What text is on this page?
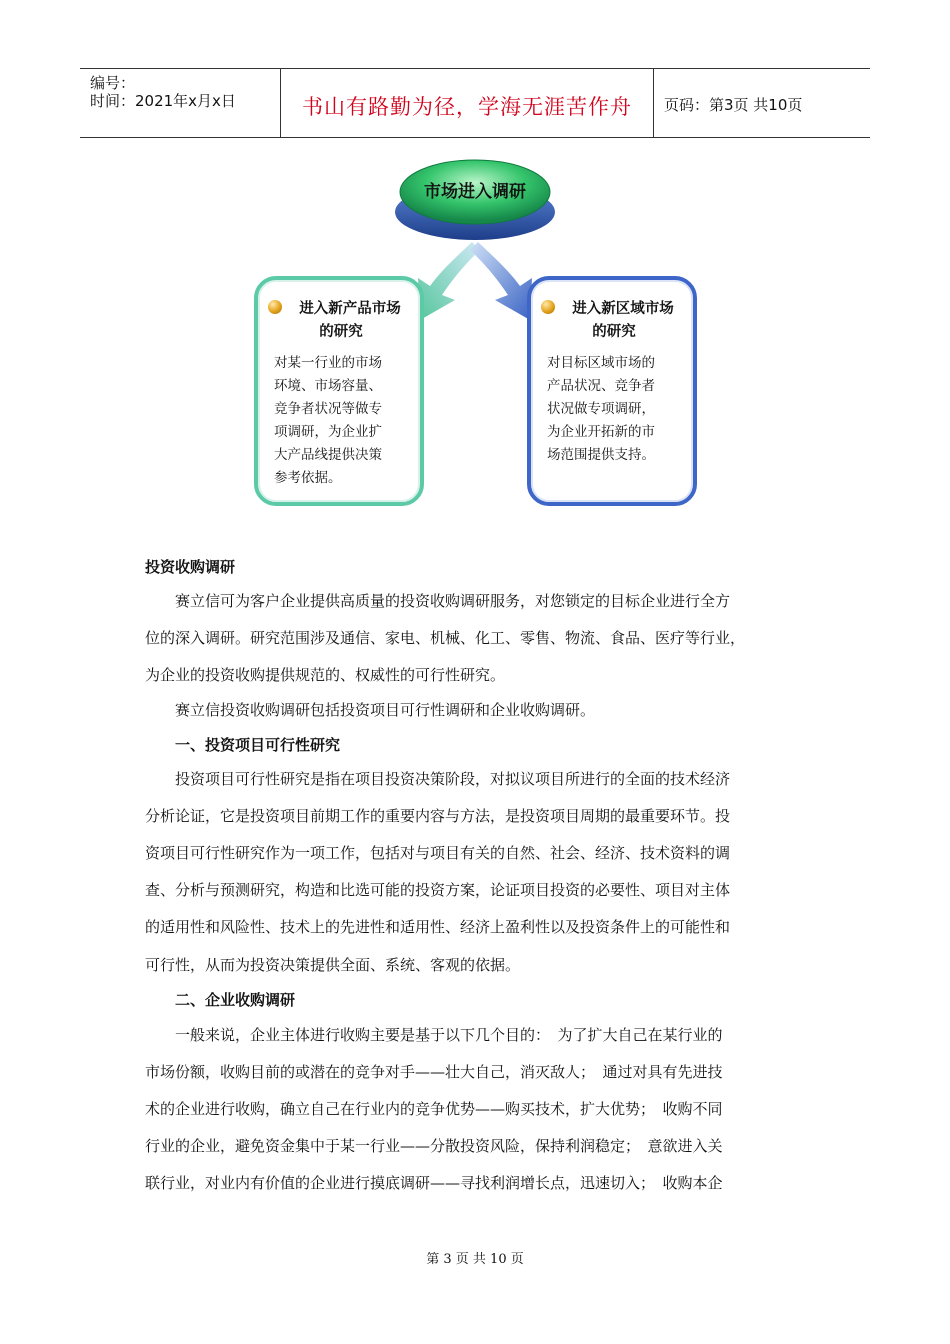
编号：
时间：2021年x月x日	书山有路勤为径，学海无涯苦作舟	页码：第3页 共10页
市场进入调研
进入新产品市场
的研究
对某一行业的市场
环境、市场容量、
竞争者状况等做专
项调研，为企业扩
大产品线提供决策
参考依据。
进入新区域市场
的研究
对目标区域市场的
产品状况、竞争者
状况做专项调研，
为企业开拓新的市
场范围提供支持。
投资收购调研
　　赛立信可为客户企业提供高质量的投资收购调研服务，对您锁定的目标企业进行全方
位的深入调研。研究范围涉及通信、家电、机械、化工、零售、物流、食品、医疗等行业，
为企业的投资收购提供规范的、权威性的可行性研究。
　　赛立信投资收购调研包括投资项目可行性调研和企业收购调研。
　　一、投资项目可行性研究
　　投资项目可行性研究是指在项目投资决策阶段，对拟议项目所进行的全面的技术经济
分析论证，它是投资项目前期工作的重要内容与方法，是投资项目周期的最重要环节。投
资项目可行性研究作为一项工作，包括对与项目有关的自然、社会、经济、技术资料的调
查、分析与预测研究，构造和比选可能的投资方案，论证项目投资的必要性、项目对主体
的适用性和风险性、技术上的先进性和适用性、经济上盈利性以及投资条件上的可能性和
可行性，从而为投资决策提供全面、系统、客观的依据。
　　二、企业收购调研
　　一般来说，企业主体进行收购主要是基于以下几个目的：　为了扩大自己在某行业的
市场份额，收购目前的或潜在的竞争对手——壮大自己，消灭敌人；　通过对具有先进技
术的企业进行收购，确立自己在行业内的竞争优势——购买技术，扩大优势；　收购不同
行业的企业，避免资金集中于某一行业——分散投资风险，保持利润稳定；　意欲进入关
联行业，对业内有价值的企业进行摸底调研——寻找利润增长点，迅速切入；　收购本企
第 3 页 共 10 页
